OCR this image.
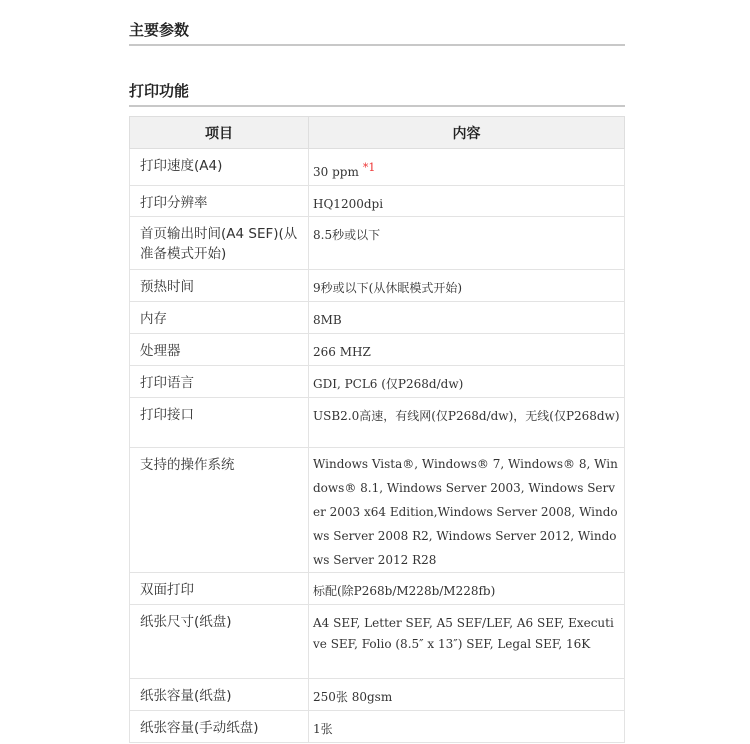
主要参数
打印功能
项目	内容
打印速度(A4)	30 ppm *1
打印分辨率	HQ1200dpi
首页输出时间(A4 SEF)(从准备模式开始)	8.5秒或以下
预热时间	9秒或以下(从休眠模式开始)
内存	8MB
处理器	266 MHZ
打印语言	GDI, PCL6 (仅P268d/dw)
打印接口	USB2.0高速，有线网(仅P268d/dw)，无线(仅P268dw)
支持的操作系统	Windows Vista®, Windows® 7, Windows® 8, Windows® 8.1, Windows Server 2003, Windows Server 2003 x64 Edition,Windows Server 2008, Windows Server 2008 R2, Windows Server 2012, Windows Server 2012 R28
双面打印	标配(除P268b/M228b/M228fb)
纸张尺寸(纸盘)	A4 SEF, Letter SEF, A5 SEF/LEF, A6 SEF, Executive SEF, Folio (8.5″ x 13″) SEF, Legal SEF, 16K
纸张容量(纸盘)	250张 80gsm
纸张容量(手动纸盘)	1张
